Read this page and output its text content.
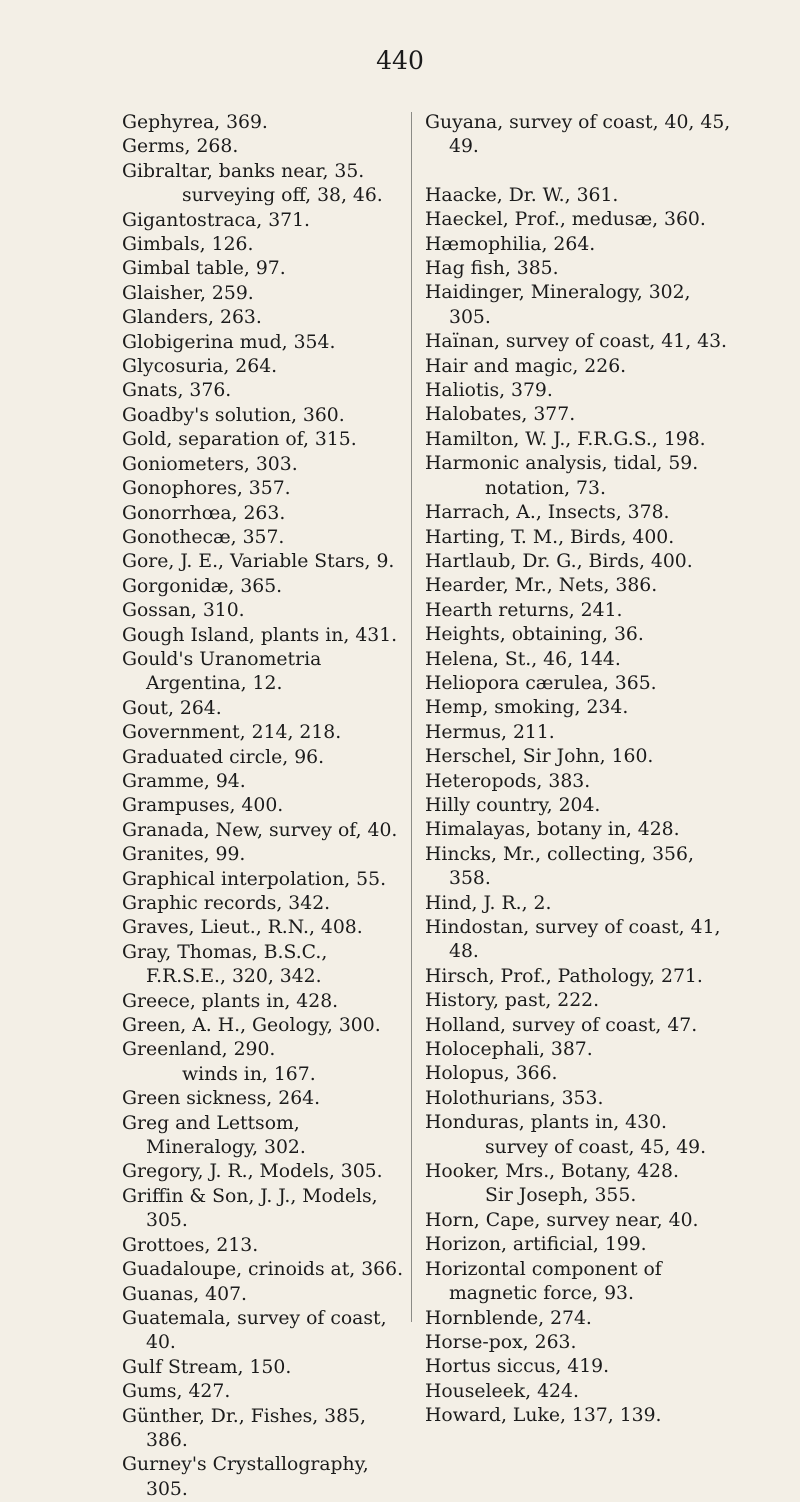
440
Gephyrea, 369.
Germs, 268.
Gibraltar, banks near, 35.
surveying off, 38, 46.
Gigantostraca, 371.
Gimbals, 126.
Gimbal table, 97.
Glaisher, 259.
Glanders, 263.
Globigerina mud, 354.
Glycosuria, 264.
Gnats, 376.
Goadby's solution, 360.
Gold, separation of, 315.
Goniometers, 303.
Gonophores, 357.
Gonorrhœa, 263.
Gonothecæ, 357.
Gore, J. E., Variable Stars, 9.
Gorgonidæ, 365.
Gossan, 310.
Gough Island, plants in, 431.
Gould's Uranometria Argentina, 12.
Gout, 264.
Government, 214, 218.
Graduated circle, 96.
Gramme, 94.
Grampuses, 400.
Granada, New, survey of, 40.
Granites, 99.
Graphical interpolation, 55.
Graphic records, 342.
Graves, Lieut., R.N., 408.
Gray, Thomas, B.S.C., F.R.S.E., 320, 342.
Greece, plants in, 428.
Green, A. H., Geology, 300.
Greenland, 290.
winds in, 167.
Green sickness, 264.
Greg and Lettsom, Mineralogy, 302.
Gregory, J. R., Models, 305.
Griffin & Son, J. J., Models, 305.
Grottoes, 213.
Guadaloupe, crinoids at, 366.
Guanas, 407.
Guatemala, survey of coast, 40.
Gulf Stream, 150.
Gums, 427.
Günther, Dr., Fishes, 385, 386.
Gurney's Crystallography, 305.
Guyana, survey of coast, 40, 45, 49.
Haacke, Dr. W., 361.
Haeckel, Prof., medusæ, 360.
Hæmophilia, 264.
Hag fish, 385.
Haidinger, Mineralogy, 302, 305.
Haïnan, survey of coast, 41, 43.
Hair and magic, 226.
Haliotis, 379.
Halobates, 377.
Hamilton, W. J., F.R.G.S., 198.
Harmonic analysis, tidal, 59.
notation, 73.
Harrach, A., Insects, 378.
Harting, T. M., Birds, 400.
Hartlaub, Dr. G., Birds, 400.
Hearder, Mr., Nets, 386.
Hearth returns, 241.
Heights, obtaining, 36.
Helena, St., 46, 144.
Heliopora cærulea, 365.
Hemp, smoking, 234.
Hermus, 211.
Herschel, Sir John, 160.
Heteropods, 383.
Hilly country, 204.
Himalayas, botany in, 428.
Hincks, Mr., collecting, 356, 358.
Hind, J. R., 2.
Hindostan, survey of coast, 41, 48.
Hirsch, Prof., Pathology, 271.
History, past, 222.
Holland, survey of coast, 47.
Holocephali, 387.
Holopus, 366.
Holothurians, 353.
Honduras, plants in, 430.
survey of coast, 45, 49.
Hooker, Mrs., Botany, 428.
Sir Joseph, 355.
Horn, Cape, survey near, 40.
Horizon, artificial, 199.
Horizontal component of magnetic force, 93.
Hornblende, 274.
Horse-pox, 263.
Hortus siccus, 419.
Houseleek, 424.
Howard, Luke, 137, 139.
